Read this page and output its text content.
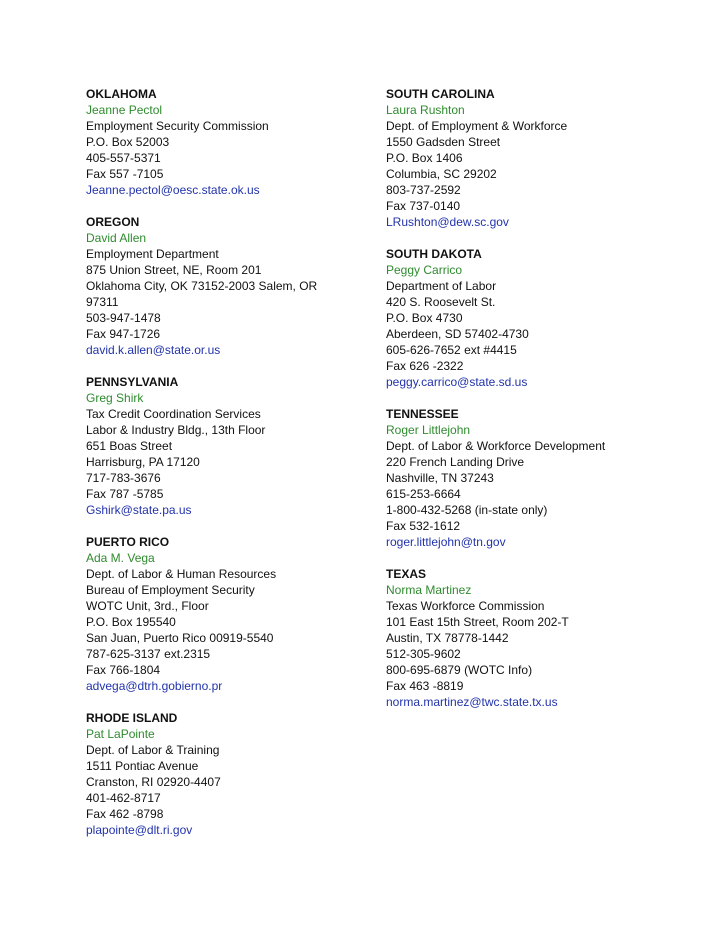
OKLAHOMA
Jeanne Pectol
Employment Security Commission
P.O. Box 52003
405-557-5371
Fax 557 -7105
Jeanne.pectol@oesc.state.ok.us
OREGON
David Allen
Employment Department
875 Union Street, NE, Room 201
Oklahoma City, OK 73152-2003 Salem, OR
97311
503-947-1478
Fax 947-1726
david.k.allen@state.or.us
PENNSYLVANIA
Greg Shirk
Tax Credit Coordination Services
Labor & Industry Bldg., 13th Floor
651 Boas Street
Harrisburg, PA 17120
717-783-3676
Fax 787 -5785
Gshirk@state.pa.us
PUERTO RICO
Ada M. Vega
Dept. of Labor & Human Resources
Bureau of Employment Security
WOTC Unit, 3rd., Floor
P.O. Box 195540
San Juan, Puerto Rico 00919-5540
787-625-3137 ext.2315
Fax 766-1804
advega@dtrh.gobierno.pr
RHODE ISLAND
Pat LaPointe
Dept. of Labor & Training
1511 Pontiac Avenue
Cranston, RI 02920-4407
401-462-8717
Fax 462 -8798
plapointe@dlt.ri.gov
SOUTH CAROLINA
Laura Rushton
Dept. of Employment & Workforce
1550 Gadsden Street
P.O. Box 1406
Columbia, SC 29202
803-737-2592
Fax 737-0140
LRushton@dew.sc.gov
SOUTH DAKOTA
Peggy Carrico
Department of Labor
420 S. Roosevelt St.
P.O. Box 4730
Aberdeen, SD 57402-4730
605-626-7652 ext #4415
Fax 626 -2322
peggy.carrico@state.sd.us
TENNESSEE
Roger Littlejohn
Dept. of Labor & Workforce Development
220 French Landing Drive
Nashville, TN 37243
615-253-6664
1-800-432-5268 (in-state only)
Fax 532-1612
roger.littlejohn@tn.gov
TEXAS
Norma Martinez
Texas Workforce Commission
101 East 15th Street, Room 202-T
Austin, TX 78778-1442
512-305-9602
800-695-6879 (WOTC Info)
Fax 463 -8819
norma.martinez@twc.state.tx.us
